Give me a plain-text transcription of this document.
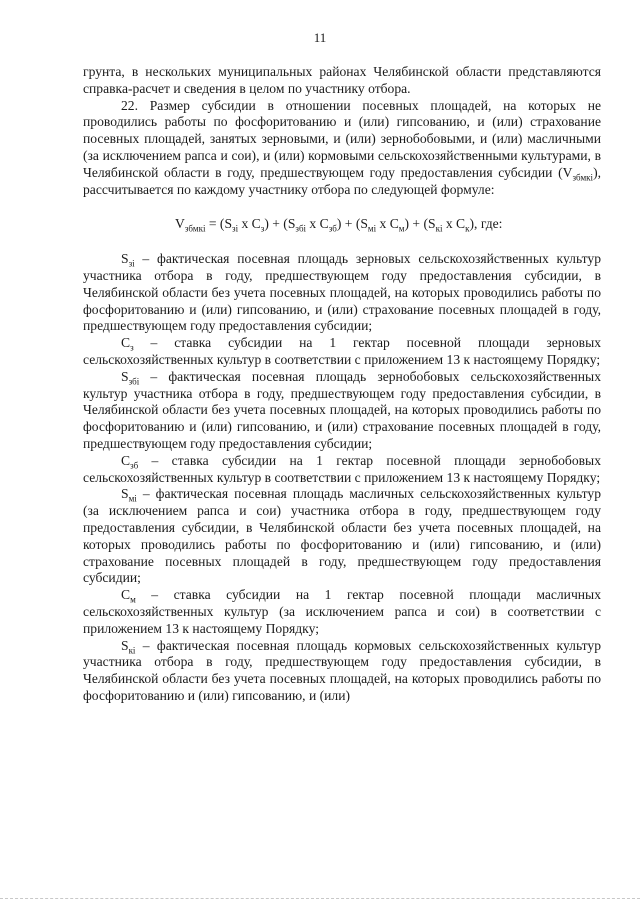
11

грунта, в нескольких муниципальных районах Челябинской области представляются справка-расчет и сведения в целом по участнику отбора.

22. Размер субсидии в отношении посевных площадей, на которых не проводились работы по фосфоритованию и (или) гипсованию, и (или) страхование посевных площадей, занятых зерновыми, и (или) зернобобовыми, и (или) масличными (за исключением рапса и сои), и (или) кормовыми сельскохозяйственными культурами, в Челябинской области в году, предшествующем году предоставления субсидии $(V_{збмкі})$, рассчитывается по каждому участнику отбора по следующей формуле:

$V_{збмкі} = (S_{зі}$ x $C_з) + (S_{збі}$ x $C_{зб}) + (S_{мі}$ x $C_м) + (S_{кі}$ x $C_к$), где:

$S_{зі}$ – фактическая посевная площадь зерновых сельскохозяйственных культур участника отбора в году, предшествующем году предоставления субсидии, в Челябинской области без учета посевных площадей, на которых проводились работы по фосфоритованию и (или) гипсованию, и (или) страхование посевных площадей в году, предшествующем году предоставления субсидии;

$C_з$ – ставка субсидии на 1 гектар посевной площади зерновых сельскохозяйственных культур в соответствии с приложением 13 к настоящему Порядку;

$S_{збі}$ – фактическая посевная площадь зернобобовых сельскохозяйственных культур участника отбора в году, предшествующем году предоставления субсидии, в Челябинской области без учета посевных площадей, на которых проводились работы по фосфоритованию и (или) гипсованию, и (или) страхование посевных площадей в году, предшествующем году предоставления субсидии;

$C_{зб}$ – ставка субсидии на 1 гектар посевной площади зернобобовых сельскохозяйственных культур в соответствии с приложением 13 к настоящему Порядку;

$S_{мі}$ – фактическая посевная площадь масличных сельскохозяйственных культур (за исключением рапса и сои) участника отбора в году, предшествующем году предоставления субсидии, в Челябинской области без учета посевных площадей, на которых проводились работы по фосфоритованию и (или) гипсованию, и (или) страхование посевных площадей в году, предшествующем году предоставления субсидии;

$C_м$ – ставка субсидии на 1 гектар посевной площади масличных сельскохозяйственных культур (за исключением рапса и сои) в соответствии с приложением 13 к настоящему Порядку;

$S_{кі}$ – фактическая посевная площадь кормовых сельскохозяйственных культур участника отбора в году, предшествующем году предоставления субсидии, в Челябинской области без учета посевных площадей, на которых проводились работы по фосфоритованию и (или) гипсованию, и (или)
